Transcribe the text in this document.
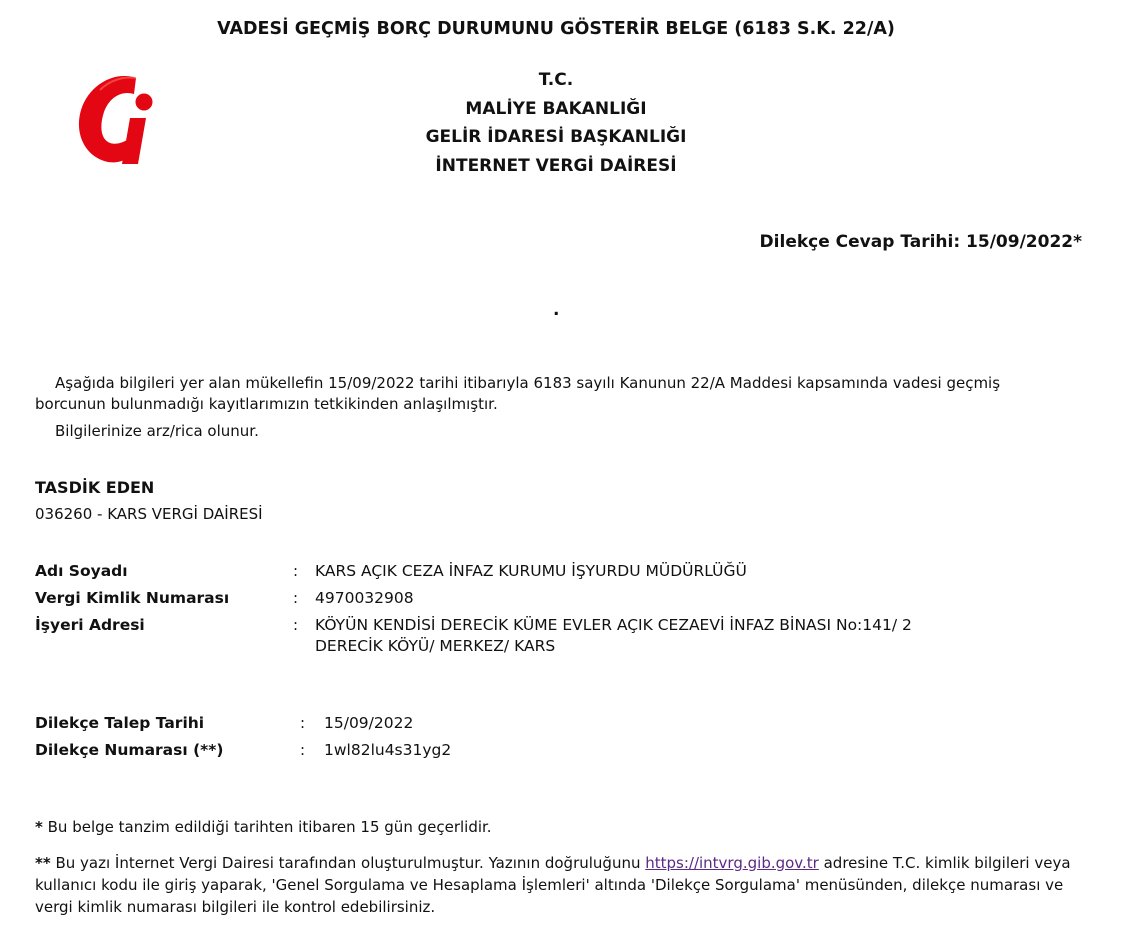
VADESİ GEÇMİŞ BORÇ DURUMUNU GÖSTERİR BELGE (6183 S.K. 22/A)
T.C.
MALİYE BAKANLIĞI
GELİR İDARESİ BAŞKANLIĞI
İNTERNET VERGİ DAİRESİ
Dilekçe Cevap Tarihi: 15/09/2022*
.
Aşağıda bilgileri yer alan mükellefin 15/09/2022 tarihi itibarıyla 6183 sayılı Kanunun 22/A Maddesi kapsamında vadesi geçmiş borcunun bulunmadığı kayıtlarımızın tetkikinden anlaşılmıştır.
Bilgilerinize arz/rica olunur.
TASDİK EDEN
036260 - KARS VERGİ DAİRESİ
Adı Soyadı	: KARS AÇIK CEZA İNFAZ KURUMU İŞYURDU MÜDÜRLÜĞÜ
Vergi Kimlik Numarası	: 4970032908
İşyeri Adresi	: KÖYÜN KENDİSİ DERECİK KÜME EVLER AÇIK CEZAEVİ İNFAZ BİNASI No:141/ 2
DERECİK KÖYÜ/ MERKEZ/ KARS
Dilekçe Talep Tarihi	: 15/09/2022
Dilekçe Numarası (**)	: 1wl82lu4s31yg2
* Bu belge tanzim edildiği tarihten itibaren 15 gün geçerlidir.
** Bu yazı İnternet Vergi Dairesi tarafından oluşturulmuştur. Yazının doğruluğunu https://intvrg.gib.gov.tr adresine T.C. kimlik bilgileri veya kullanıcı kodu ile giriş yaparak, 'Genel Sorgulama ve Hesaplama İşlemleri' altında 'Dilekçe Sorgulama' menüsünden, dilekçe numarası ve vergi kimlik numarası bilgileri ile kontrol edebilirsiniz.
